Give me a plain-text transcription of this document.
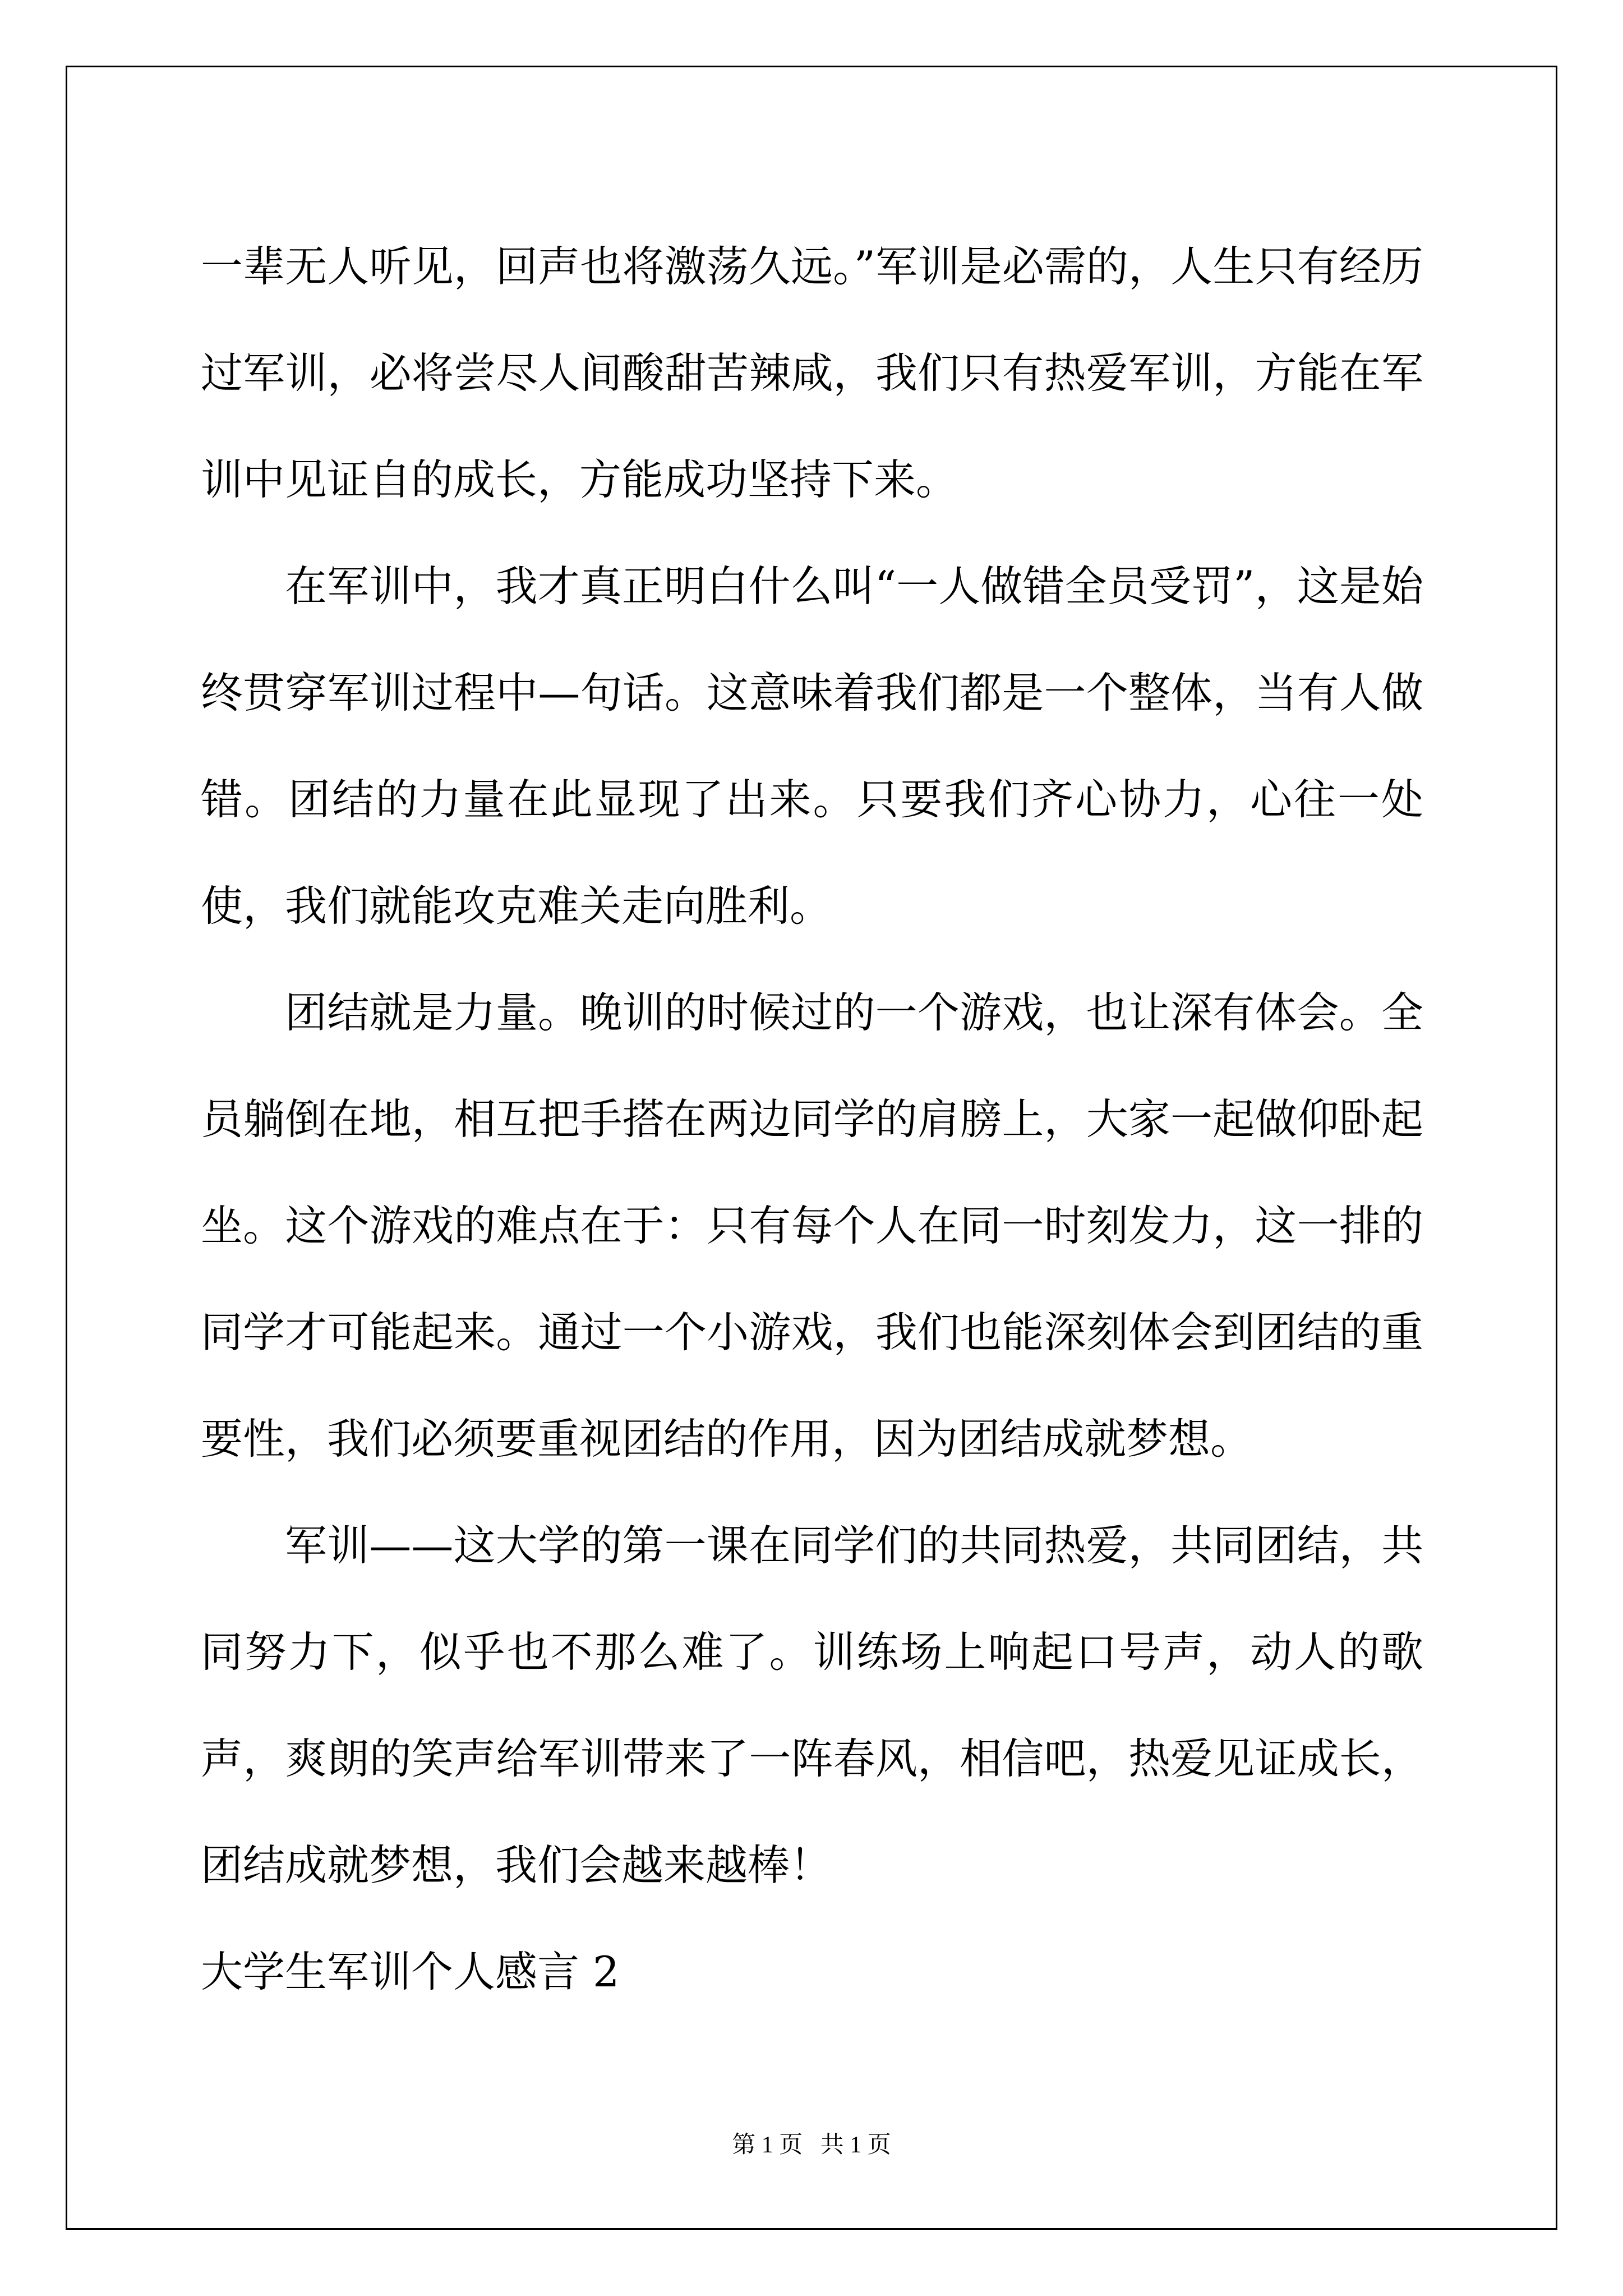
一辈无人听见，回声也将激荡久远。”军训是必需的，人生只有经历过军训，必将尝尽人间酸甜苦辣咸，我们只有热爱军训，方能在军训中见证自的成长，方能成功坚持下来。

在军训中，我才真正明白什么叫“一人做错全员受罚”，这是始终贯穿军训过程中—句话。这意味着我们都是一个整体，当有人做错。团结的力量在此显现了出来。只要我们齐心协力，心往一处使，我们就能攻克难关走向胜利。

团结就是力量。晚训的时候过的一个游戏，也让深有体会。全员躺倒在地，相互把手搭在两边同学的肩膀上，大家一起做仰卧起坐。这个游戏的难点在于：只有每个人在同一时刻发力，这一排的同学才可能起来。通过一个小游戏，我们也能深刻体会到团结的重要性，我们必须要重视团结的作用，因为团结成就梦想。

军训——这大学的第一课在同学们的共同热爱，共同团结，共同努力下，似乎也不那么难了。训练场上响起口号声，动人的歌声，爽朗的笑声给军训带来了一阵春风，相信吧，热爱见证成长，团结成就梦想，我们会越来越棒！

大学生军训个人感言 2

第 1 页   共 1 页
